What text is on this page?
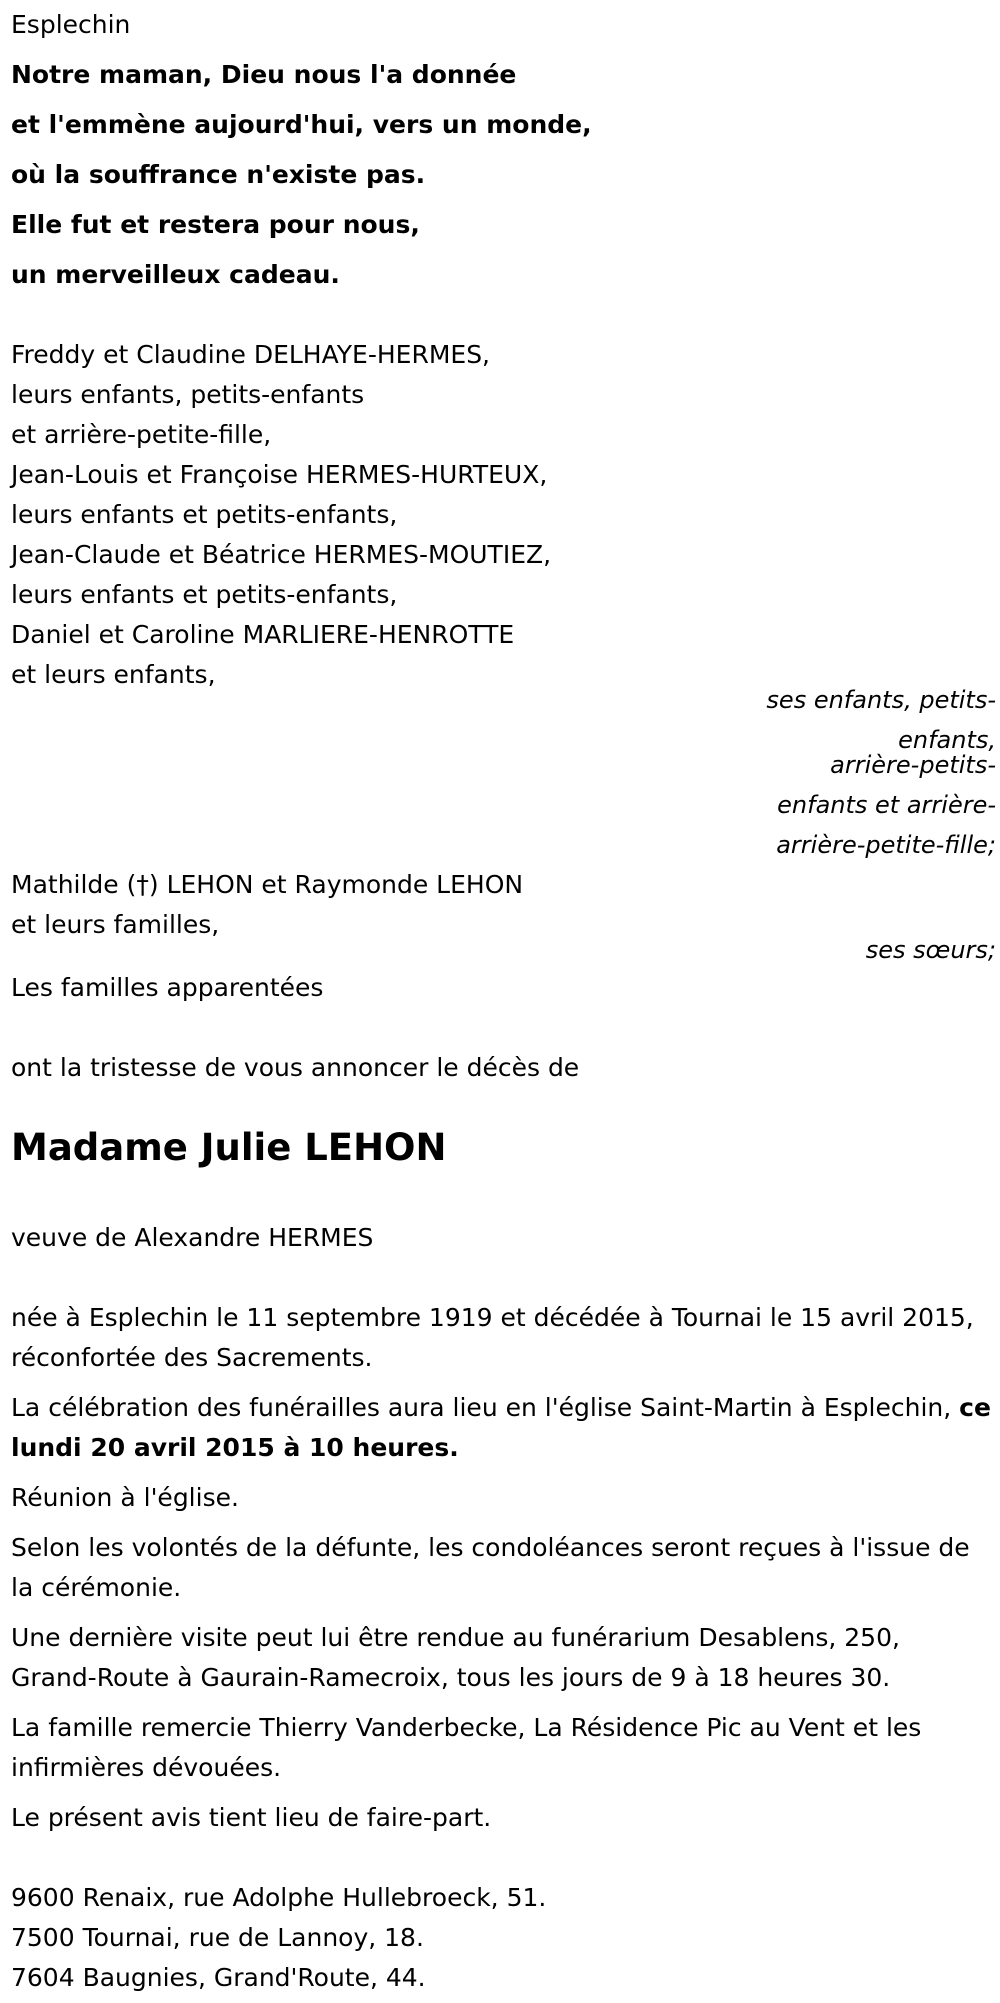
Esplechin
Notre maman, Dieu nous l'a donnée
et l'emmène aujourd'hui, vers un monde,
où la souffrance n'existe pas.
Elle fut et restera pour nous,
un merveilleux cadeau.
Freddy et Claudine DELHAYE-HERMES,
leurs enfants, petits-enfants
et arrière-petite-fille,
Jean-Louis et Françoise HERMES-HURTEUX,
leurs enfants et petits-enfants,
Jean-Claude et Béatrice HERMES-MOUTIEZ,
leurs enfants et petits-enfants,
Daniel et Caroline MARLIERE-HENROTTE
et leurs enfants,
ses enfants, petits-
enfants,
arrière-petits-
enfants et arrière-
arrière-petite-fille;
Mathilde (†) LEHON et Raymonde LEHON
et leurs familles,
ses sœurs;
Les familles apparentées
ont la tristesse de vous annoncer le décès de
Madame Julie LEHON
veuve de Alexandre HERMES
née à Esplechin le 11 septembre 1919 et décédée à Tournai le 15 avril 2015, réconfortée des Sacrements.
La célébration des funérailles aura lieu en l'église Saint-Martin à Esplechin, ce lundi 20 avril 2015 à 10 heures.
Réunion à l'église.
Selon les volontés de la défunte, les condoléances seront reçues à l'issue de la cérémonie.
Une dernière visite peut lui être rendue au funérarium Desablens, 250, Grand-Route à Gaurain-Ramecroix, tous les jours de 9 à 18 heures 30.
La famille remercie Thierry Vanderbecke, La Résidence Pic au Vent et les infirmières dévouées.
Le présent avis tient lieu de faire-part.
9600 Renaix, rue Adolphe Hullebroeck, 51.
7500 Tournai, rue de Lannoy, 18.
7604 Baugnies, Grand'Route, 44.
